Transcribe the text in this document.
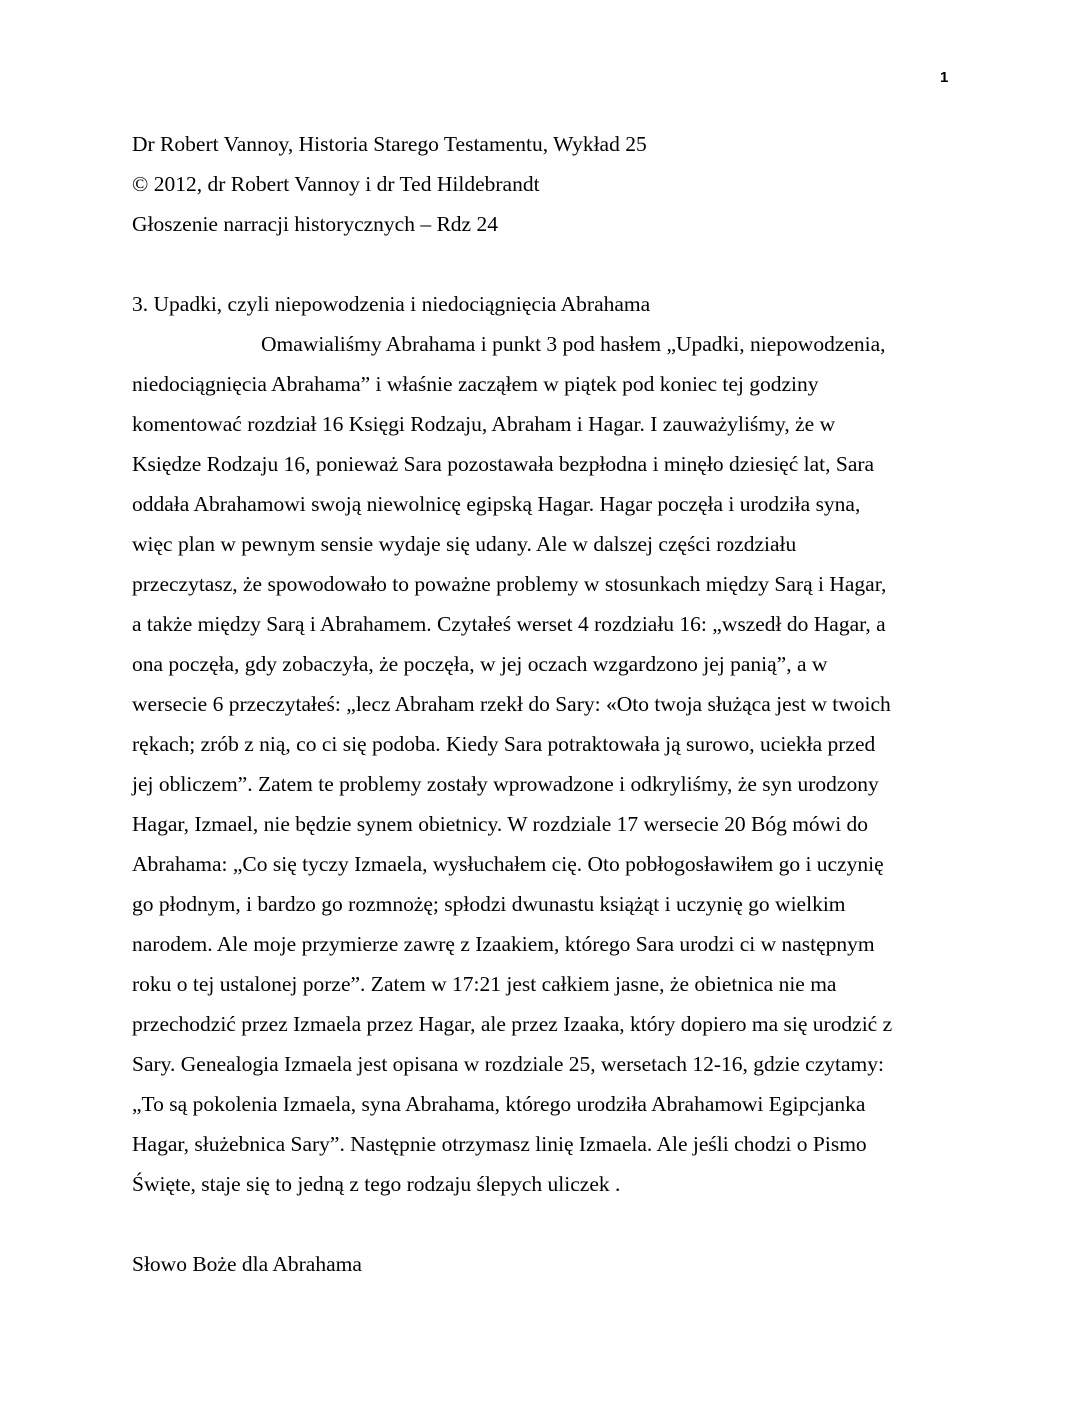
1

Dr Robert Vannoy, Historia Starego Testamentu, Wykład 25

© 2012, dr Robert Vannoy i dr Ted Hildebrandt

Głoszenie narracji historycznych – Rdz 24

3. Upadki, czyli niepowodzenia i niedociągnięcia Abrahama

Omawialiśmy Abrahama i punkt 3 pod hasłem „Upadki, niepowodzenia,
niedociągnięcia Abrahama” i właśnie zacząłem w piątek pod koniec tej godziny
komentować rozdział 16 Księgi Rodzaju, Abraham i Hagar. I zauważyliśmy, że w
Księdze Rodzaju 16, ponieważ Sara pozostawała bezpłodna i minęło dziesięć lat, Sara
oddała Abrahamowi swoją niewolnicę egipską Hagar. Hagar poczęła i urodziła syna,
więc plan w pewnym sensie wydaje się udany. Ale w dalszej części rozdziału
przeczytasz, że spowodowało to poważne problemy w stosunkach między Sarą i Hagar,
a także między Sarą i Abrahamem. Czytałeś werset 4 rozdziału 16: „wszedł do Hagar, a
ona poczęła, gdy zobaczyła, że poczęła, w jej oczach wzgardzono jej panią”, a w
wersecie 6 przeczytałeś: „lecz Abraham rzekł do Sary: «Oto twoja służąca jest w twoich
rękach; zrób z nią, co ci się podoba. Kiedy Sara potraktowała ją surowo, uciekła przed
jej obliczem”. Zatem te problemy zostały wprowadzone i odkryliśmy, że syn urodzony
Hagar, Izmael, nie będzie synem obietnicy. W rozdziale 17 wersecie 20 Bóg mówi do
Abrahama: „Co się tyczy Izmaela, wysłuchałem cię. Oto pobłogosławiłem go i uczynię
go płodnym, i bardzo go rozmnożę; spłodzi dwunastu książąt i uczynię go wielkim
narodem. Ale moje przymierze zawrę z Izaakiem, którego Sara urodzi ci w następnym
roku o tej ustalonej porze”. Zatem w 17:21 jest całkiem jasne, że obietnica nie ma
przechodzić przez Izmaela przez Hagar, ale przez Izaaka, który dopiero ma się urodzić z
Sary. Genealogia Izmaela jest opisana w rozdziale 25, wersetach 12-16, gdzie czytamy:
„To są pokolenia Izmaela, syna Abrahama, którego urodziła Abrahamowi Egipcjanka
Hagar, służebnica Sary”. Następnie otrzymasz linię Izmaela. Ale jeśli chodzi o Pismo
Święte, staje się to jedną z tego rodzaju ślepych uliczek .

Słowo Boże dla Abrahama
